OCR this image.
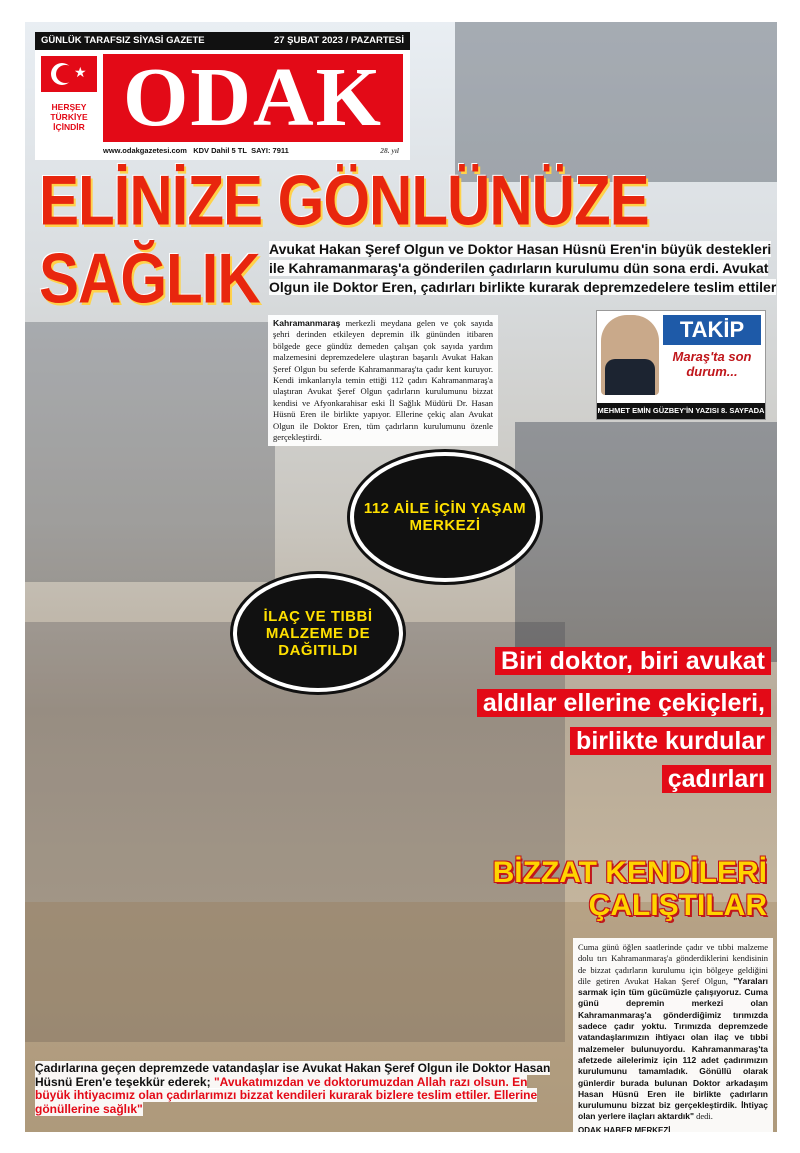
GÜNLÜK TARAFSIZ SİYASİ GAZETE	27 ŞUBAT 2023 / PAZARTESİ
★
HERŞEY
TÜRKİYE
İÇİNDİR ODAK
www.odakgazetesi.com KDV Dahil 5 TL SAYI: 7911	28. yıl
ELİNİZE GÖNLÜNÜZE
SAĞLIK Avukat Hakan Şeref Olgun ve Doktor Hasan Hüsnü Eren'in büyük destekleri ile Kahramanmaraş'a gönderilen çadırların kurulumu dün sona erdi. Avukat Olgun ile Doktor Eren, çadırları birlikte kurarak depremzedelere teslim ettiler
Kahramanmaraş merkezli meydana gelen ve çok sayıda şehri derinden etkileyen depremin ilk gününden itibaren bölgede gece gündüz demeden çalışan çok sayıda yardım malzemesini depremzedelere ulaştıran başarılı Avukat Hakan Şeref Olgun bu seferde Kahramanmaraş'ta çadır kent kuruyor. Kendi imkanlarıyla temin ettiği 112 çadırı Kahramanmaraş'a ulaştıran Avukat Şeref Olgun çadırların kurulumunu bizzat kendisi ve Afyonkarahisar eski İl Sağlık Müdürü Dr. Hasan Hüsnü Eren ile birlikte yapıyor. Ellerine çekiç alan Avukat Olgun ile Doktor Eren, tüm çadırların kurulumunu özenle gerçekleştirdi.
TAKİP
Maraş'ta son durum...
MEHMET EMİN GÜZBEY'İN YAZISI 8. SAYFADA
112 AİLE İÇİN YAŞAM MERKEZİ
İLAÇ VE TIBBİ MALZEME DE DAĞITILDI	Biri doktor, biri avukat
aldılar ellerine çekiçleri,
birlikte kurdular
çadırları
BİZZAT KENDİLERİ
ÇALIŞTILAR
Cuma günü öğlen saatlerinde çadır ve tıbbi malzeme dolu tırı Kahramanmaraş'a gönderdiklerini kendisinin de bizzat çadırların kurulumu için bölgeye geldiğini dile getiren Avukat Hakan Şeref Olgun, "Yaraları sarmak için tüm gücümüzle çalışıyoruz. Cuma günü depremin merkezi olan Kahramanmaraş'a gönderdiğimiz tırımızda sadece çadır yoktu. Tırımızda depremzede vatandaşlarımızın ihtiyacı olan ilaç ve tıbbi malzemeler bulunuyordu. Kahramanmaraş'ta afetzede ailelerimiz için 112 adet çadırımızın kurulumunu tamamladık. Gönüllü olarak günlerdir burada bulunan Doktor arkadaşım Hasan Hüsnü Eren ile birlikte çadırların kurulumunu bizzat biz gerçekleştirdik. İhtiyaç olan yerlere ilaçları aktardık" dedi.
ODAK HABER MERKEZİ
Çadırlarına geçen depremzede vatandaşlar ise Avukat Hakan Şeref Olgun ile Doktor Hasan Hüsnü Eren'e teşekkür ederek; "Avukatımızdan ve doktorumuzdan Allah razı olsun. En büyük ihtiyacımız olan çadırlarımızı bizzat kendileri kurarak bizlere teslim ettiler. Ellerine gönüllerine sağlık"
